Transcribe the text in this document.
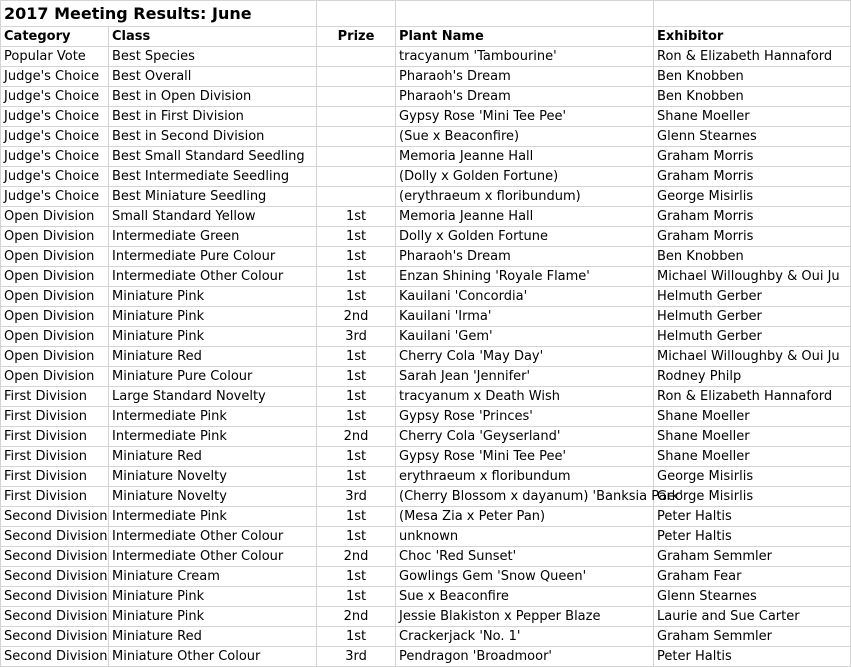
2017 Meeting Results: June				
Category	Class	Prize	Plant Name	Exhibitor
Popular Vote	Best Species		tracyanum 'Tambourine'	Ron & Elizabeth Hannaford
Judge's Choice	Best Overall		Pharaoh's Dream	Ben Knobben
Judge's Choice	Best in Open Division		Pharaoh's Dream	Ben Knobben
Judge's Choice	Best in First Division		Gypsy Rose 'Mini Tee Pee'	Shane Moeller
Judge's Choice	Best in Second Division		(Sue x Beaconfire)	Glenn Stearnes
Judge's Choice	Best Small Standard Seedling		Memoria Jeanne Hall	Graham Morris
Judge's Choice	Best Intermediate Seedling		(Dolly x Golden Fortune)	Graham Morris
Judge's Choice	Best Miniature Seedling		(erythraeum x floribundum)	George Misirlis
Open Division	Small Standard Yellow	1st	Memoria Jeanne Hall	Graham Morris
Open Division	Intermediate Green	1st	Dolly x Golden Fortune	Graham Morris
Open Division	Intermediate Pure Colour	1st	Pharaoh's Dream	Ben Knobben
Open Division	Intermediate Other Colour	1st	Enzan Shining 'Royale Flame'	Michael Willoughby & Oui Ju
Open Division	Miniature Pink	1st	Kauilani 'Concordia'	Helmuth Gerber
Open Division	Miniature Pink	2nd	Kauilani 'Irma'	Helmuth Gerber
Open Division	Miniature Pink	3rd	Kauilani 'Gem'	Helmuth Gerber
Open Division	Miniature Red	1st	Cherry Cola 'May Day'	Michael Willoughby & Oui Ju
Open Division	Miniature Pure Colour	1st	Sarah Jean 'Jennifer'	Rodney Philp
First Division	Large Standard Novelty	1st	tracyanum x Death Wish	Ron & Elizabeth Hannaford
First Division	Intermediate Pink	1st	Gypsy Rose 'Princes'	Shane Moeller
First Division	Intermediate Pink	2nd	Cherry Cola 'Geyserland'	Shane Moeller
First Division	Miniature Red	1st	Gypsy Rose 'Mini Tee Pee'	Shane Moeller
First Division	Miniature Novelty	1st	erythraeum x floribundum	George Misirlis
First Division	Miniature Novelty	3rd	(Cherry Blossom x dayanum) 'Banksia Park'	George Misirlis
Second Division	Intermediate Pink	1st	(Mesa Zia x Peter Pan)	Peter Haltis
Second Division	Intermediate Other Colour	1st	unknown	Peter Haltis
Second Division	Intermediate Other Colour	2nd	Choc 'Red Sunset'	Graham Semmler
Second Division	Miniature Cream	1st	Gowlings Gem 'Snow Queen'	Graham Fear
Second Division	Miniature Pink	1st	Sue x Beaconfire	Glenn Stearnes
Second Division	Miniature Pink	2nd	Jessie Blakiston x Pepper Blaze	Laurie and Sue Carter
Second Division	Miniature Red	1st	Crackerjack 'No. 1'	Graham Semmler
Second Division	Miniature Other Colour	3rd	Pendragon 'Broadmoor'	Peter Haltis
